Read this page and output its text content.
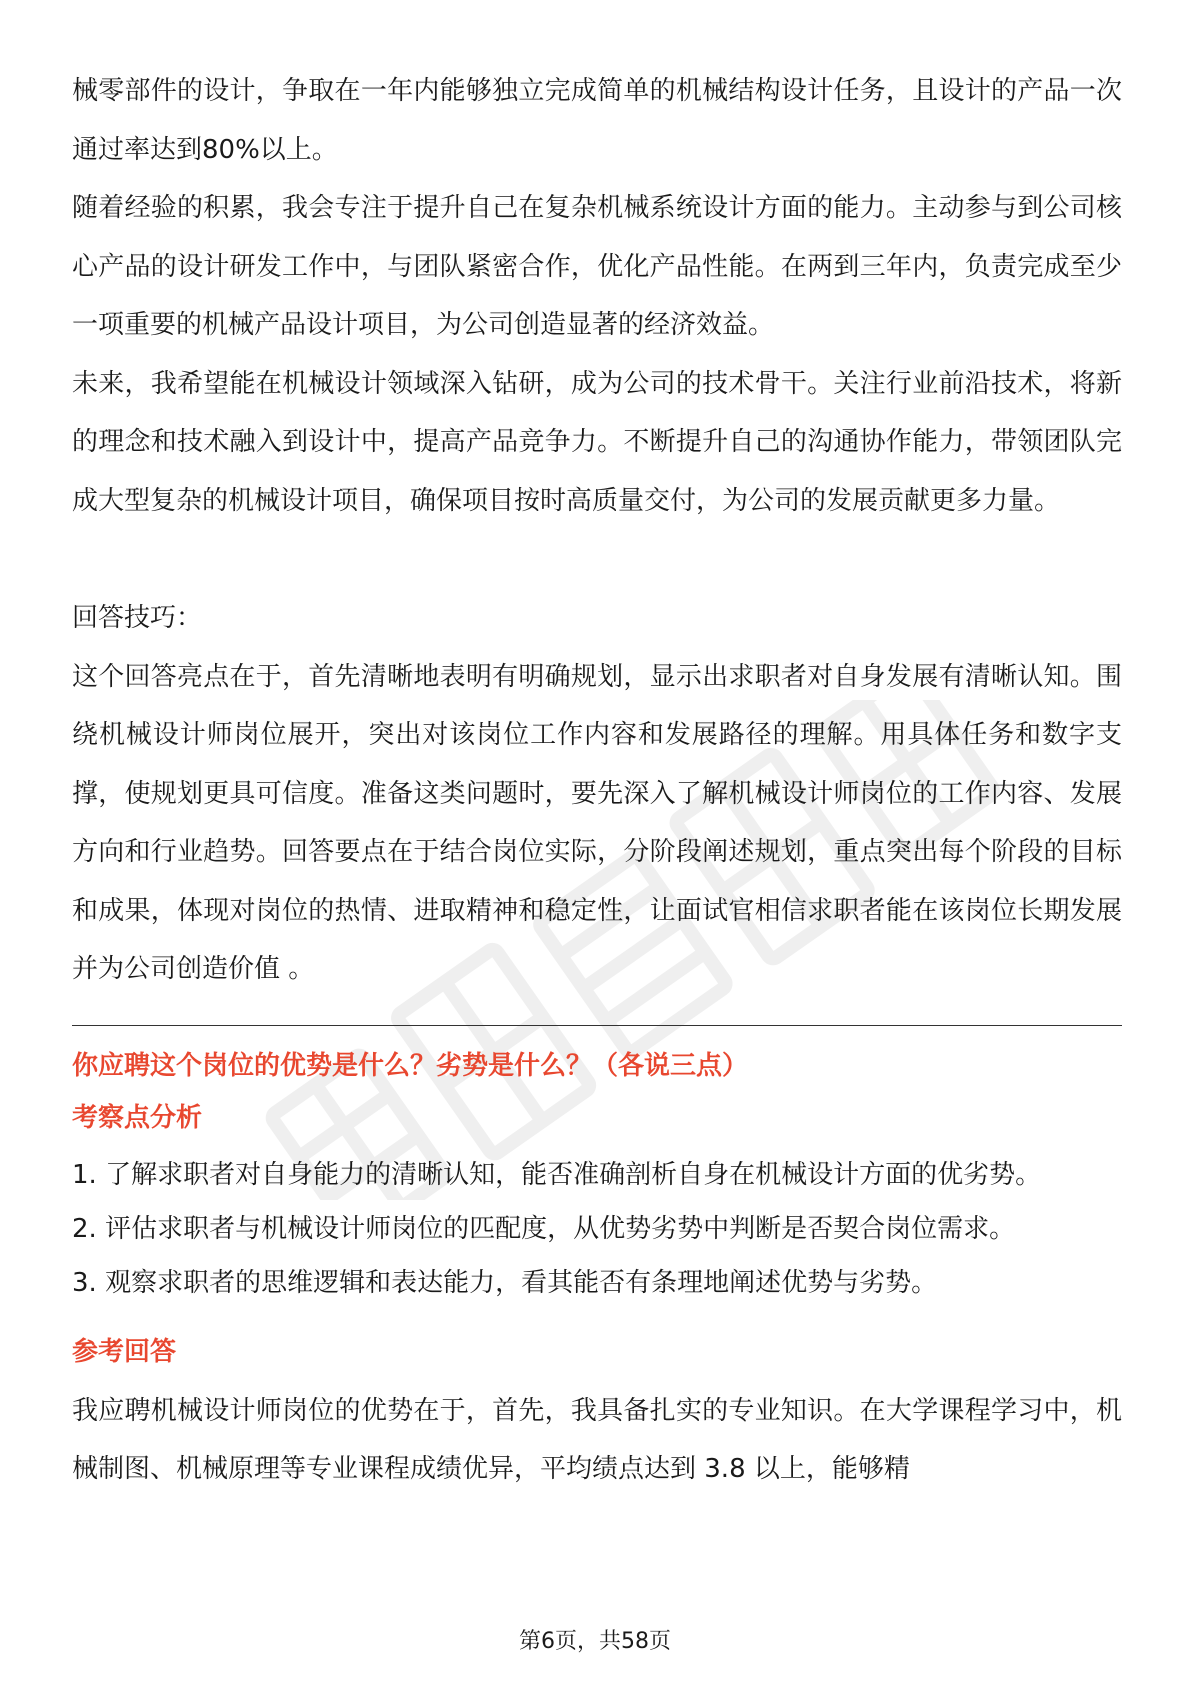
械零部件的设计，争取在一年内能够独立完成简单的机械结构设计任务，且设计的产品一次通过率达到80%以上。

随着经验的积累，我会专注于提升自己在复杂机械系统设计方面的能力。主动参与到公司核心产品的设计研发工作中，与团队紧密合作，优化产品性能。在两到三年内，负责完成至少一项重要的机械产品设计项目，为公司创造显著的经济效益。

未来，我希望能在机械设计领域深入钻研，成为公司的技术骨干。关注行业前沿技术，将新的理念和技术融入到设计中，提高产品竞争力。不断提升自己的沟通协作能力，带领团队完成大型复杂的机械设计项目，确保项目按时高质量交付，为公司的发展贡献更多力量。

回答技巧：

这个回答亮点在于，首先清晰地表明有明确规划，显示出求职者对自身发展有清晰认知。围绕机械设计师岗位展开，突出对该岗位工作内容和发展路径的理解。用具体任务和数字支撑，使规划更具可信度。准备这类问题时，要先深入了解机械设计师岗位的工作内容、发展方向和行业趋势。回答要点在于结合岗位实际，分阶段阐述规划，重点突出每个阶段的目标和成果，体现对岗位的热情、进取精神和稳定性，让面试官相信求职者能在该岗位长期发展并为公司创造价值 。

你应聘这个岗位的优势是什么？劣势是什么？（各说三点）

考察点分析

1. 了解求职者对自身能力的清晰认知，能否准确剖析自身在机械设计方面的优劣势。

2. 评估求职者与机械设计师岗位的匹配度，从优势劣势中判断是否契合岗位需求。

3. 观察求职者的思维逻辑和表达能力，看其能否有条理地阐述优势与劣势。

参考回答

我应聘机械设计师岗位的优势在于，首先，我具备扎实的专业知识。在大学课程学习中，机械制图、机械原理等专业课程成绩优异，平均绩点达到 3.8 以上，能够精

第6页，共58页
